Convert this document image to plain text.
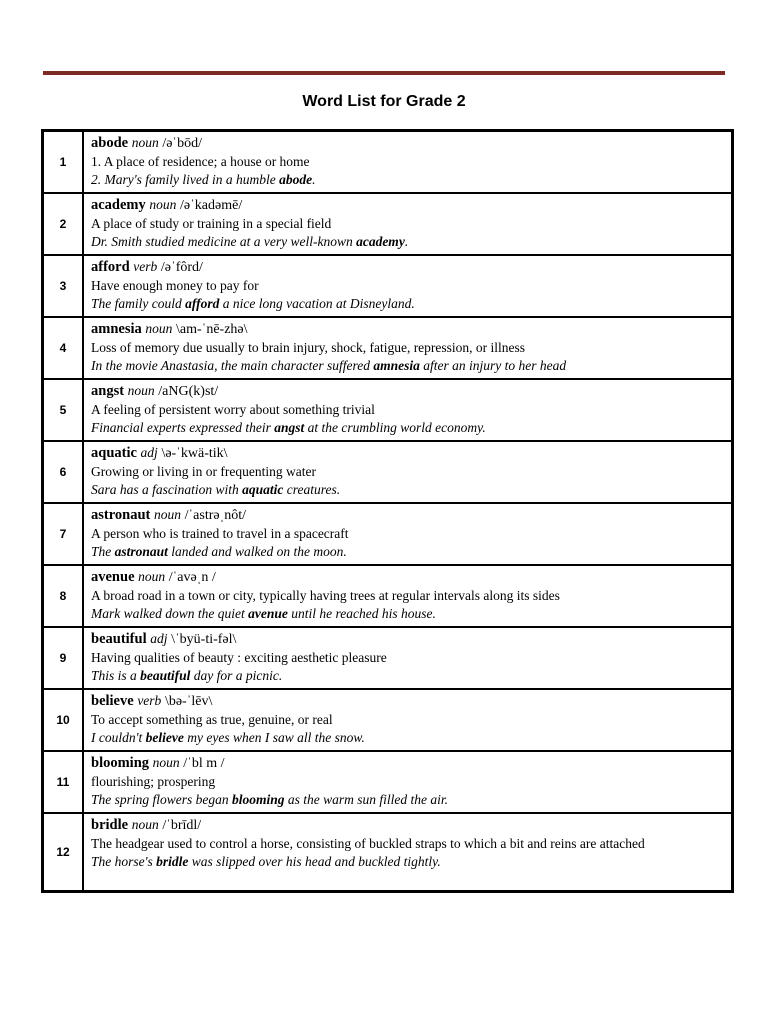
Word List for Grade 2
1	abode noun /əˈbōd/
1. A place of residence; a house or home
2. Mary's family lived in a humble abode.

2	academy noun /əˈkadəmē/
A place of study or training in a special field
Dr. Smith studied medicine at a very well-known academy.

3	afford verb /əˈfôrd/
Have enough money to pay for
The family could afford a nice long vacation at Disneyland.

4	amnesia noun \am-ˈnē-zhə\
Loss of memory due usually to brain injury, shock, fatigue, repression, or illness
In the movie Anastasia, the main character suffered amnesia after an injury to her head

5	angst noun /aNG(k)st/
A feeling of persistent worry about something trivial
Financial experts expressed their angst at the crumbling world economy.

6	aquatic adj \ə-ˈkwä-tik\
Growing or living in or frequenting water
Sara has a fascination with aquatic creatures.

7	astronaut noun /ˈastrəˌnôt/
A person who is trained to travel in a spacecraft
The astronaut landed and walked on the moon.

8	avenue noun /ˈavəˌn /
A broad road in a town or city, typically having trees at regular intervals along its sides
Mark walked down the quiet avenue until he reached his house.

9	beautiful adj \ˈbyü-ti-fəl\
Having qualities of beauty : exciting aesthetic pleasure
This is a beautiful day for a picnic.

10	believe verb \bə-ˈlēv\
To accept something as true, genuine, or real
I couldn't believe my eyes when I saw all the snow.

11	blooming noun /ˈbl m /
flourishing; prospering
The spring flowers began blooming as the warm sun filled the air.

12	bridle noun /ˈbrīdl/
The headgear used to control a horse, consisting of buckled straps to which a bit and reins are attached
The horse's bridle was slipped over his head and buckled tightly.
